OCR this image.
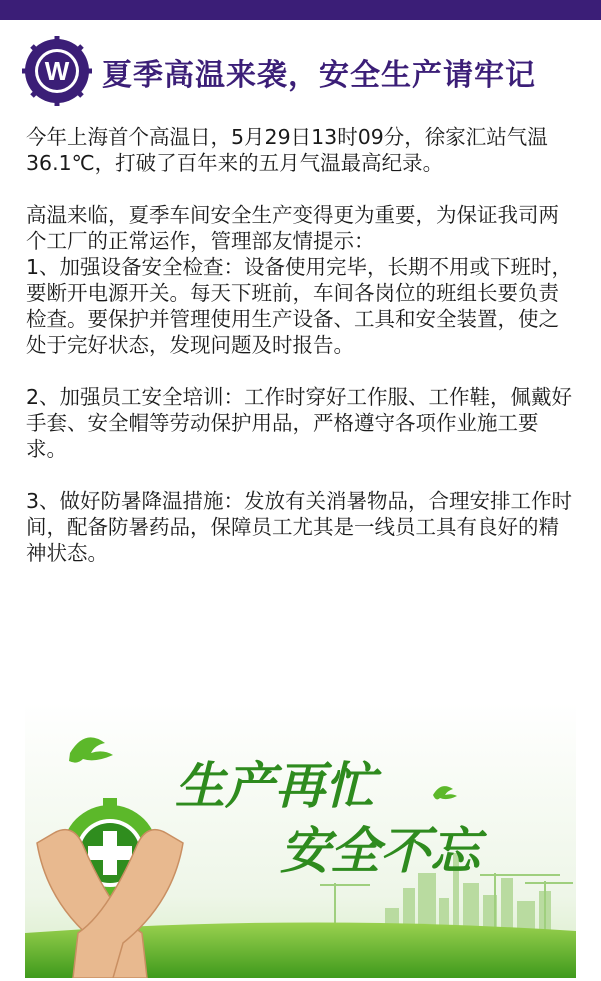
W 夏季高温来袭，安全生产请牢记

今年上海首个高温日，5月29日13时09分，徐家汇站气温36.1℃，打破了百年来的五月气温最高纪录。

高温来临，夏季车间安全生产变得更为重要，为保证我司两个工厂的正常运作，管理部友情提示：

1、加强设备安全检查：设备使用完毕，长期不用或下班时，要断开电源开关。每天下班前，车间各岗位的班组长要负责检查。要保护并管理使用生产设备、工具和安全装置，使之处于完好状态，发现问题及时报告。

2、加强员工安全培训：工作时穿好工作服、工作鞋，佩戴好手套、安全帽等劳动保护用品，严格遵守各项作业施工要求。

3、做好防暑降温措施：发放有关消暑物品，合理安排工作时间，配备防暑药品，保障员工尤其是一线员工具有良好的精神状态。

生产再忙
安全不忘
